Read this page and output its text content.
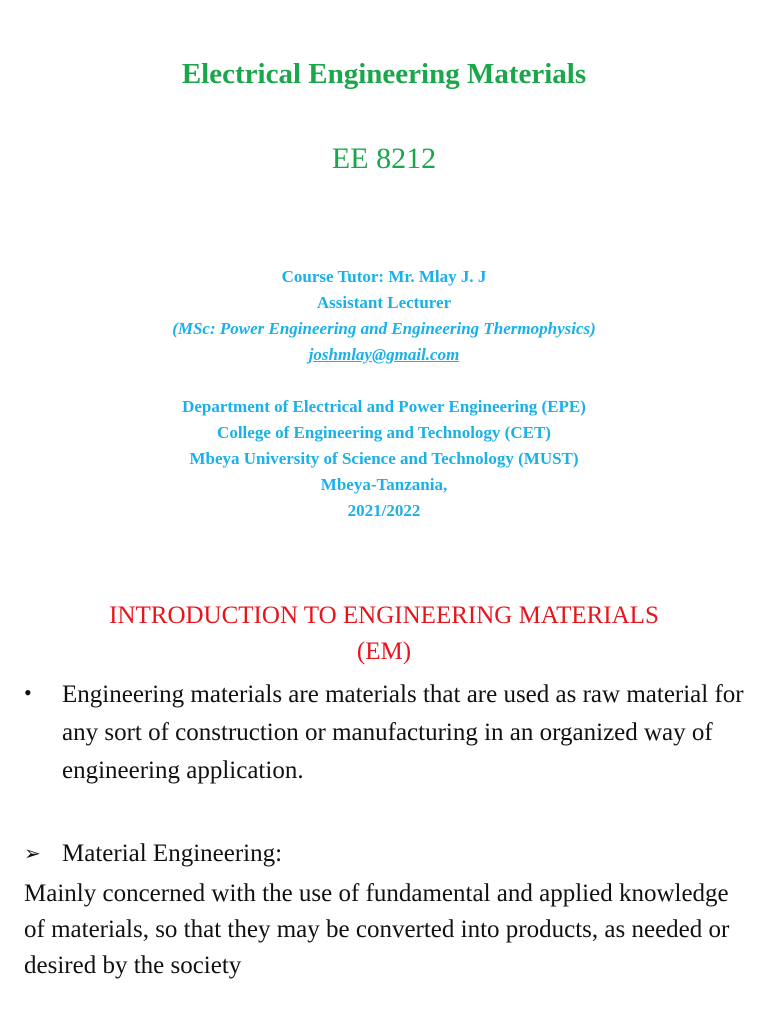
Electrical Engineering Materials
EE 8212
Course Tutor: Mr. Mlay J. J
Assistant Lecturer
(MSc: Power Engineering and Engineering Thermophysics)
joshmlay@gmail.com
Department of Electrical and Power Engineering (EPE)
College of Engineering and Technology (CET)
Mbeya University of Science and Technology (MUST)
Mbeya-Tanzania,
2021/2022
INTRODUCTION TO ENGINEERING MATERIALS
(EM)
• Engineering materials are materials that are used as raw material for any sort of construction or manufacturing in an organized way of engineering application.
➢ Material Engineering:
Mainly concerned with the use of fundamental and applied knowledge of materials, so that they may be converted into products, as needed or desired by the society
